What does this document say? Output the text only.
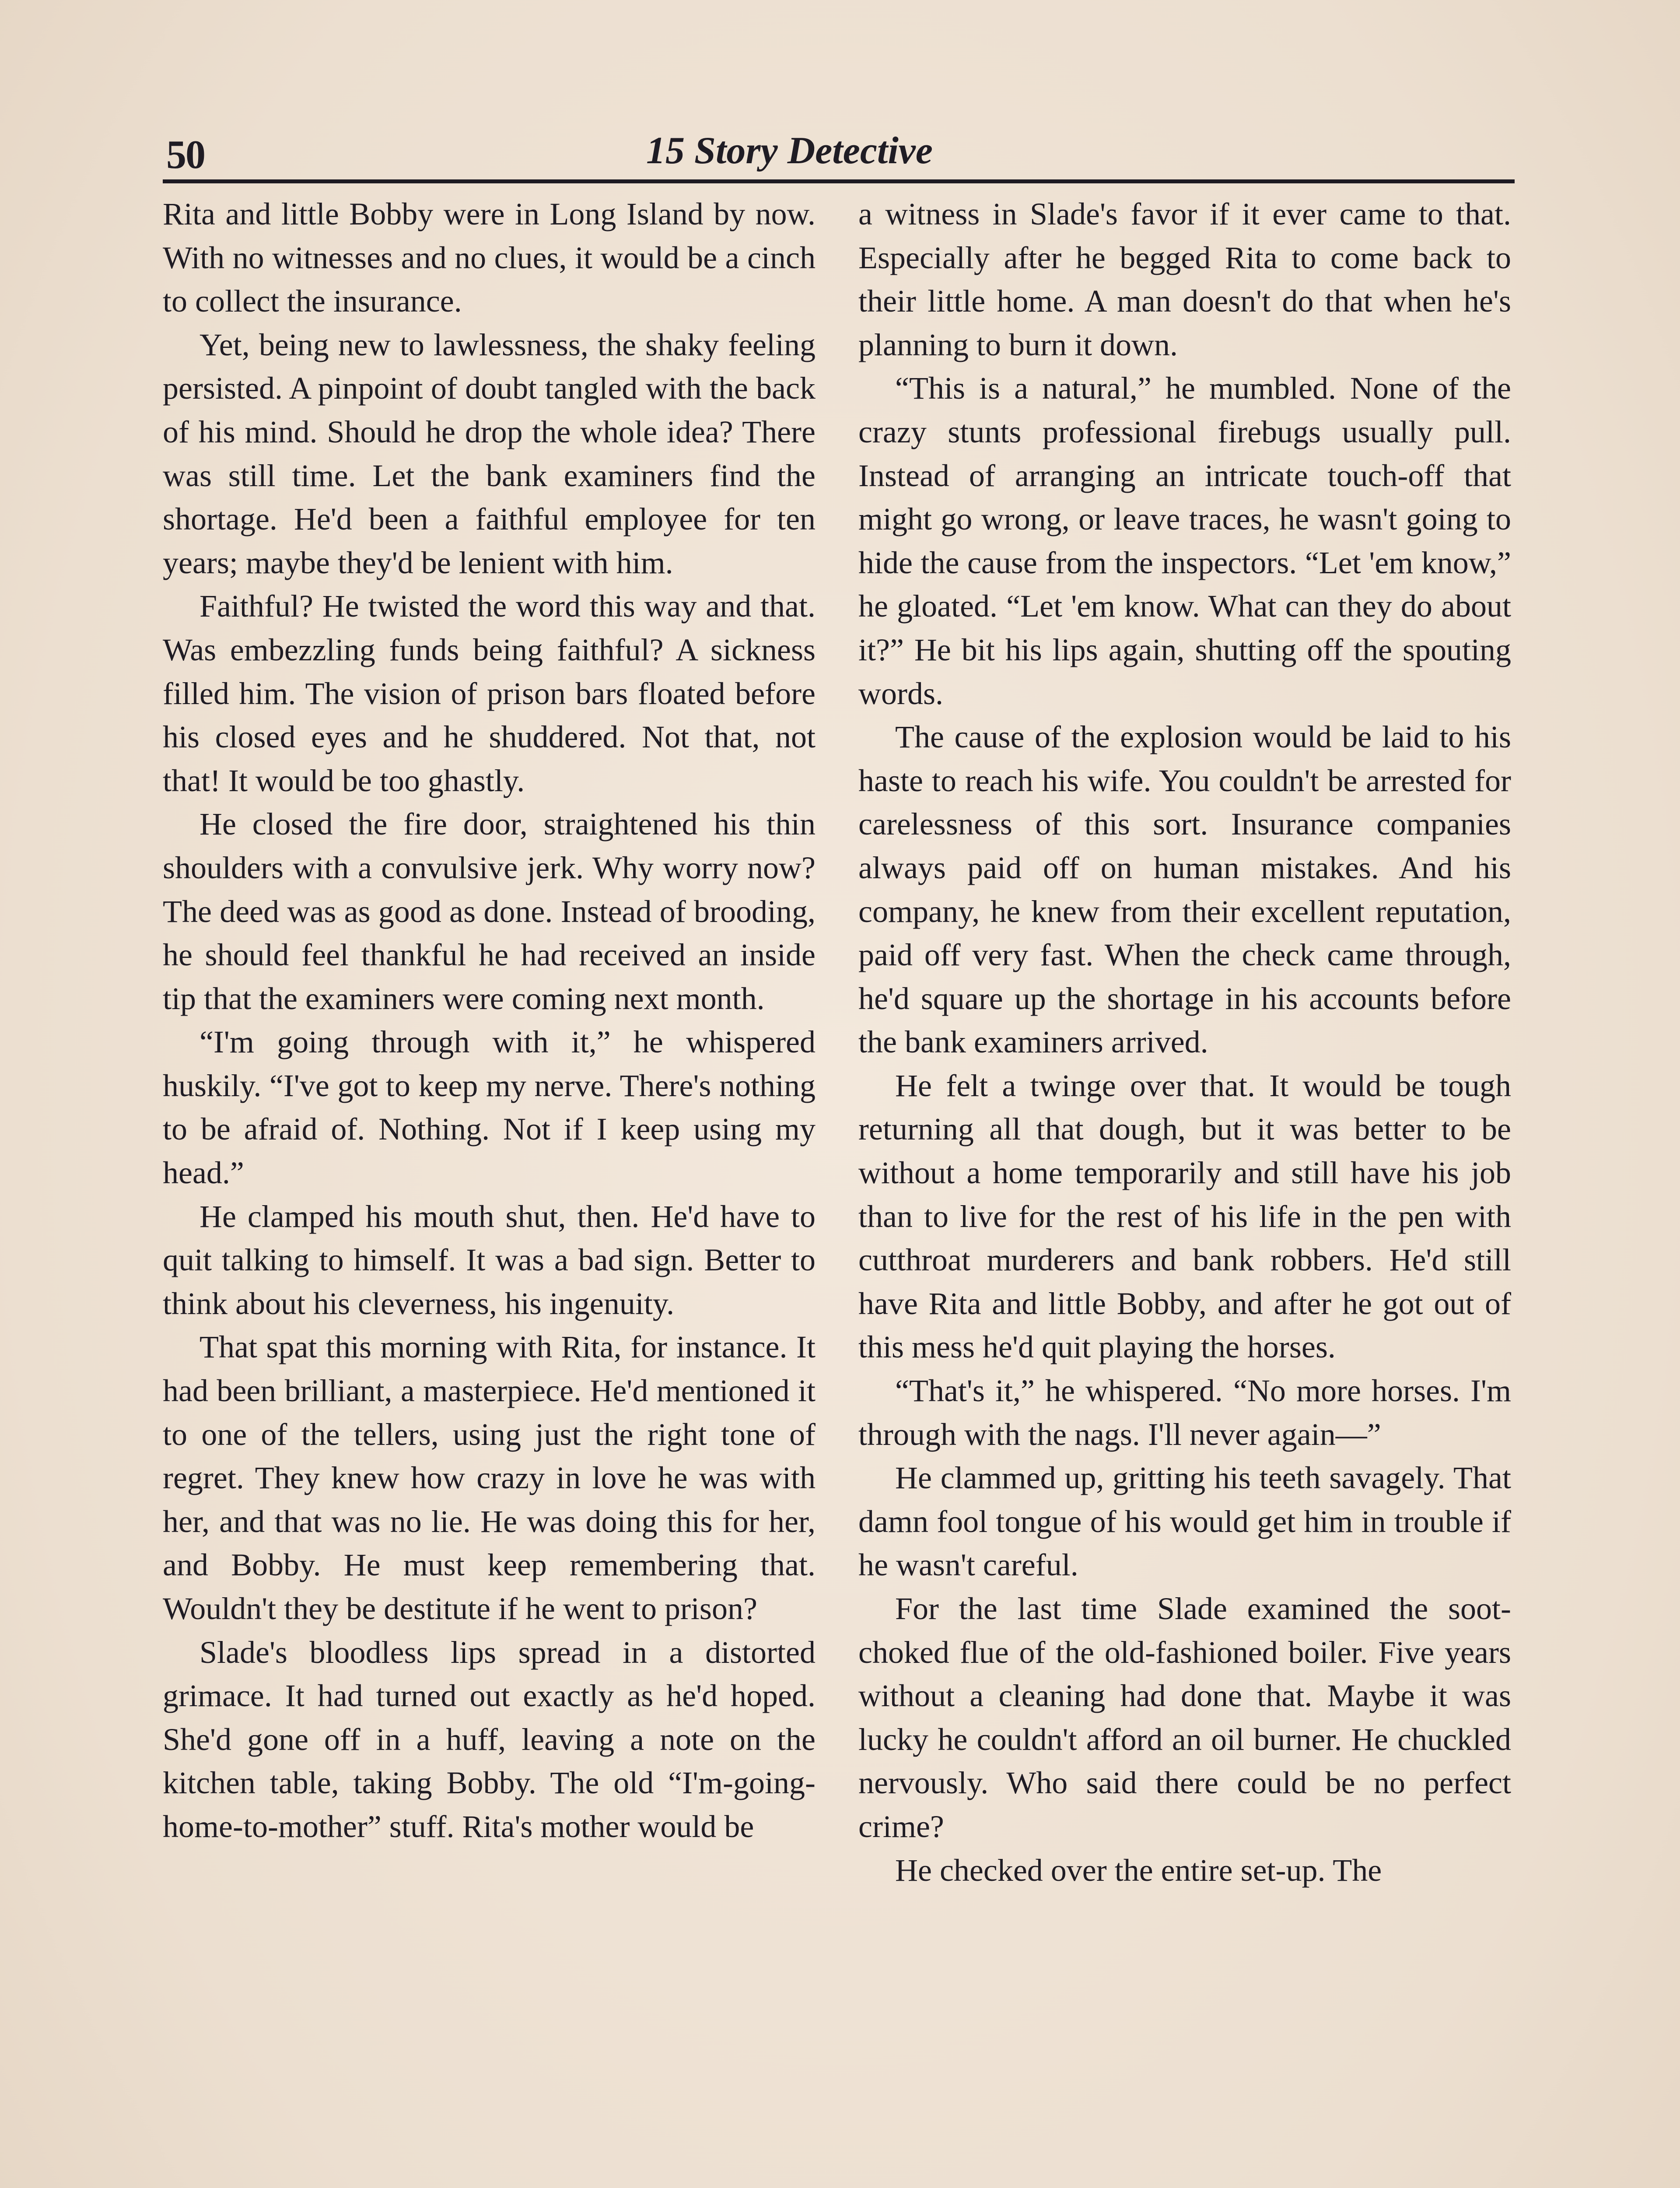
50	15 Story Detective

Rita and little Bobby were in Long Island by now. With no witnesses and no clues, it would be a cinch to collect the insurance.

Yet, being new to lawlessness, the shaky feeling persisted. A pinpoint of doubt tangled with the back of his mind. Should he drop the whole idea? There was still time. Let the bank examiners find the shortage. He'd been a faithful employee for ten years; maybe they'd be lenient with him.

Faithful? He twisted the word this way and that. Was embezzling funds being faithful? A sickness filled him. The vision of prison bars floated before his closed eyes and he shuddered. Not that, not that! It would be too ghastly.

He closed the fire door, straightened his thin shoulders with a convulsive jerk. Why worry now? The deed was as good as done. Instead of brooding, he should feel thankful he had received an inside tip that the examiners were coming next month.

“I'm going through with it,” he whispered huskily. “I've got to keep my nerve. There's nothing to be afraid of. Nothing. Not if I keep using my head.”

He clamped his mouth shut, then. He'd have to quit talking to himself. It was a bad sign. Better to think about his cleverness, his ingenuity.

That spat this morning with Rita, for instance. It had been brilliant, a masterpiece. He'd mentioned it to one of the tellers, using just the right tone of regret. They knew how crazy in love he was with her, and that was no lie. He was doing this for her, and Bobby. He must keep remembering that. Wouldn't they be destitute if he went to prison?

Slade's bloodless lips spread in a distorted grimace. It had turned out exactly as he'd hoped. She'd gone off in a huff, leaving a note on the kitchen table, taking Bobby. The old “I'm-going-home-to-mother” stuff. Rita's mother would be

a witness in Slade's favor if it ever came to that. Especially after he begged Rita to come back to their little home. A man doesn't do that when he's planning to burn it down.

“This is a natural,” he mumbled. None of the crazy stunts professional firebugs usually pull. Instead of arranging an intricate touch-off that might go wrong, or leave traces, he wasn't going to hide the cause from the inspectors. “Let 'em know,” he gloated. “Let 'em know. What can they do about it?” He bit his lips again, shutting off the spouting words.

The cause of the explosion would be laid to his haste to reach his wife. You couldn't be arrested for carelessness of this sort. Insurance companies always paid off on human mistakes. And his company, he knew from their excellent reputation, paid off very fast. When the check came through, he'd square up the shortage in his accounts before the bank examiners arrived.

He felt a twinge over that. It would be tough returning all that dough, but it was better to be without a home temporarily and still have his job than to live for the rest of his life in the pen with cutthroat murderers and bank robbers. He'd still have Rita and little Bobby, and after he got out of this mess he'd quit playing the horses.

“That's it,” he whispered. “No more horses. I'm through with the nags. I'll never again—”

He clammed up, gritting his teeth savagely. That damn fool tongue of his would get him in trouble if he wasn't careful.

For the last time Slade examined the soot-choked flue of the old-fashioned boiler. Five years without a cleaning had done that. Maybe it was lucky he couldn't afford an oil burner. He chuckled nervously. Who said there could be no perfect crime?

He checked over the entire set-up. The
